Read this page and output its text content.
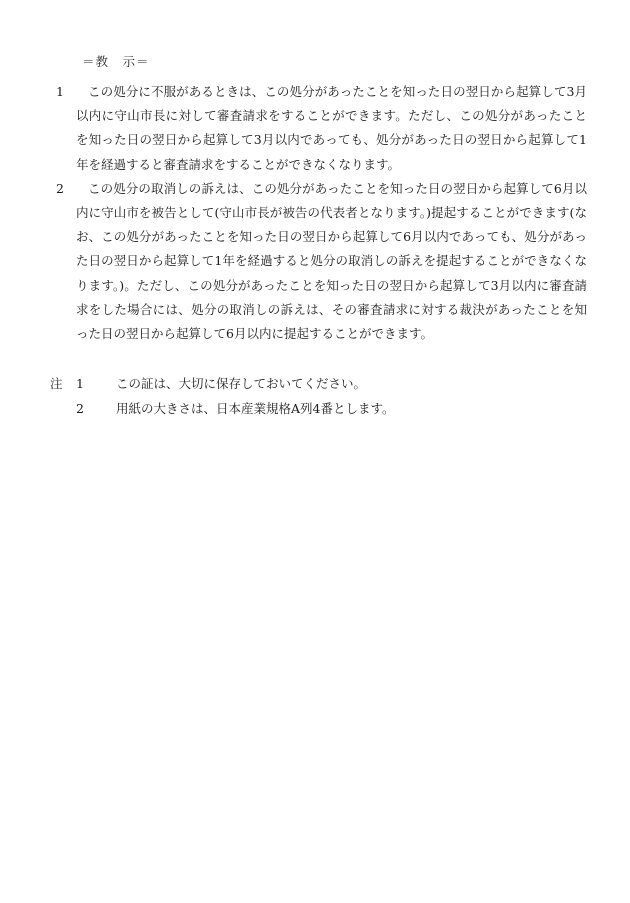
＝教　示＝
1	この処分に不服があるときは、この処分があったことを知った日の翌日から起算して3月以内に守山市長に対して審査請求をすることができます。ただし、この処分があったことを知った日の翌日から起算して3月以内であっても、処分があった日の翌日から起算して1年を経過すると審査請求をすることができなくなります。
2	この処分の取消しの訴えは、この処分があったことを知った日の翌日から起算して6月以内に守山市を被告として(守山市長が被告の代表者となります。)提起することができます(なお、この処分があったことを知った日の翌日から起算して6月以内であっても、処分があった日の翌日から起算して1年を経過すると処分の取消しの訴えを提起することができなくなります。)。ただし、この処分があったことを知った日の翌日から起算して3月以内に審査請求をした場合には、処分の取消しの訴えは、その審査請求に対する裁決があったことを知った日の翌日から起算して6月以内に提起することができます。
注	1	この証は、大切に保存しておいてください。
2	用紙の大きさは、日本産業規格A列4番とします。
